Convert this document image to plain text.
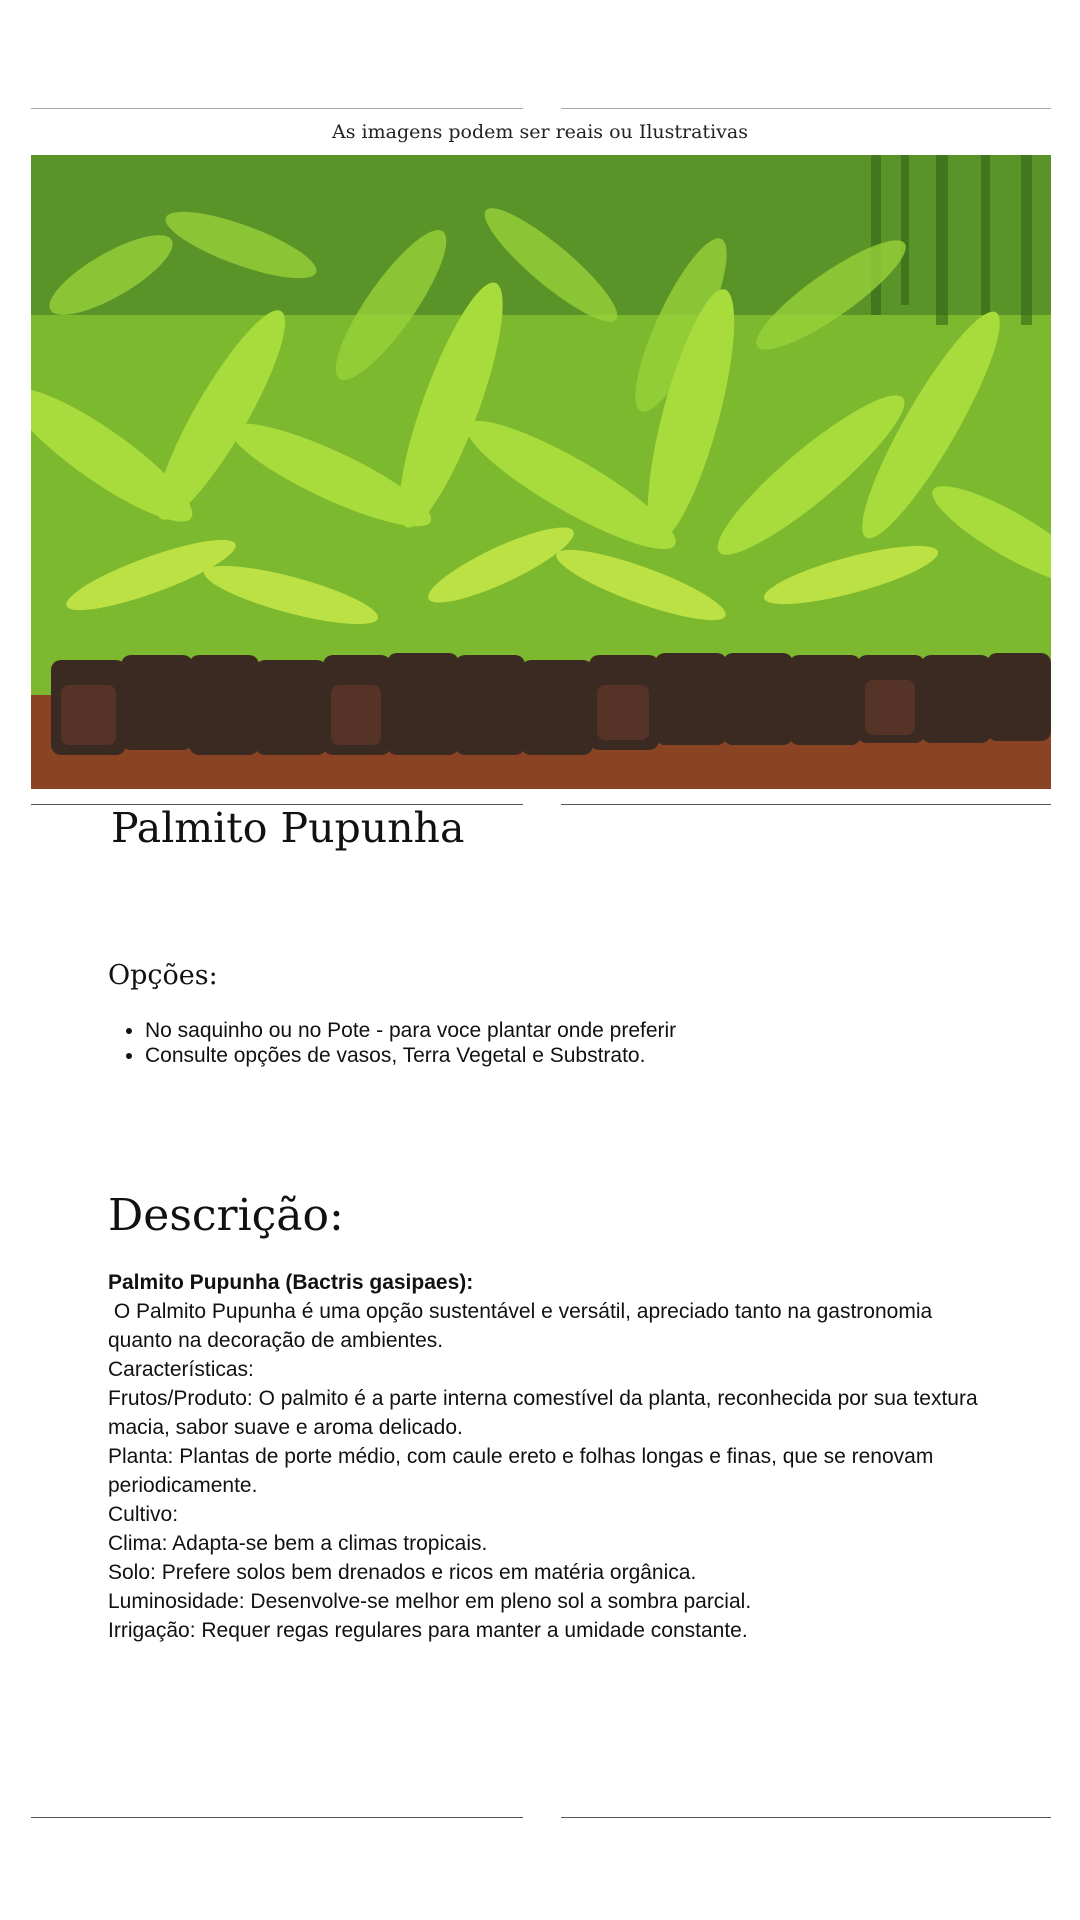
As imagens podem ser reais ou Ilustrativas
Palmito Pupunha
Opções:
• No saquinho ou no Pote - para voce plantar onde preferir
• Consulte opções de vasos, Terra Vegetal e Substrato.
Descrição:

Palmito Pupunha (Bactris gasipaes):

O Palmito Pupunha é uma opção sustentável e versátil, apreciado tanto na gastronomia quanto na decoração de ambientes.

Características:

Frutos/Produto: O palmito é a parte interna comestível da planta, reconhecida por sua textura macia, sabor suave e aroma delicado.

Planta: Plantas de porte médio, com caule ereto e folhas longas e finas, que se renovam periodicamente.

Cultivo:

Clima: Adapta-se bem a climas tropicais.

Solo: Prefere solos bem drenados e ricos em matéria orgânica.

Luminosidade: Desenvolve-se melhor em pleno sol a sombra parcial.

Irrigação: Requer regas regulares para manter a umidade constante.
